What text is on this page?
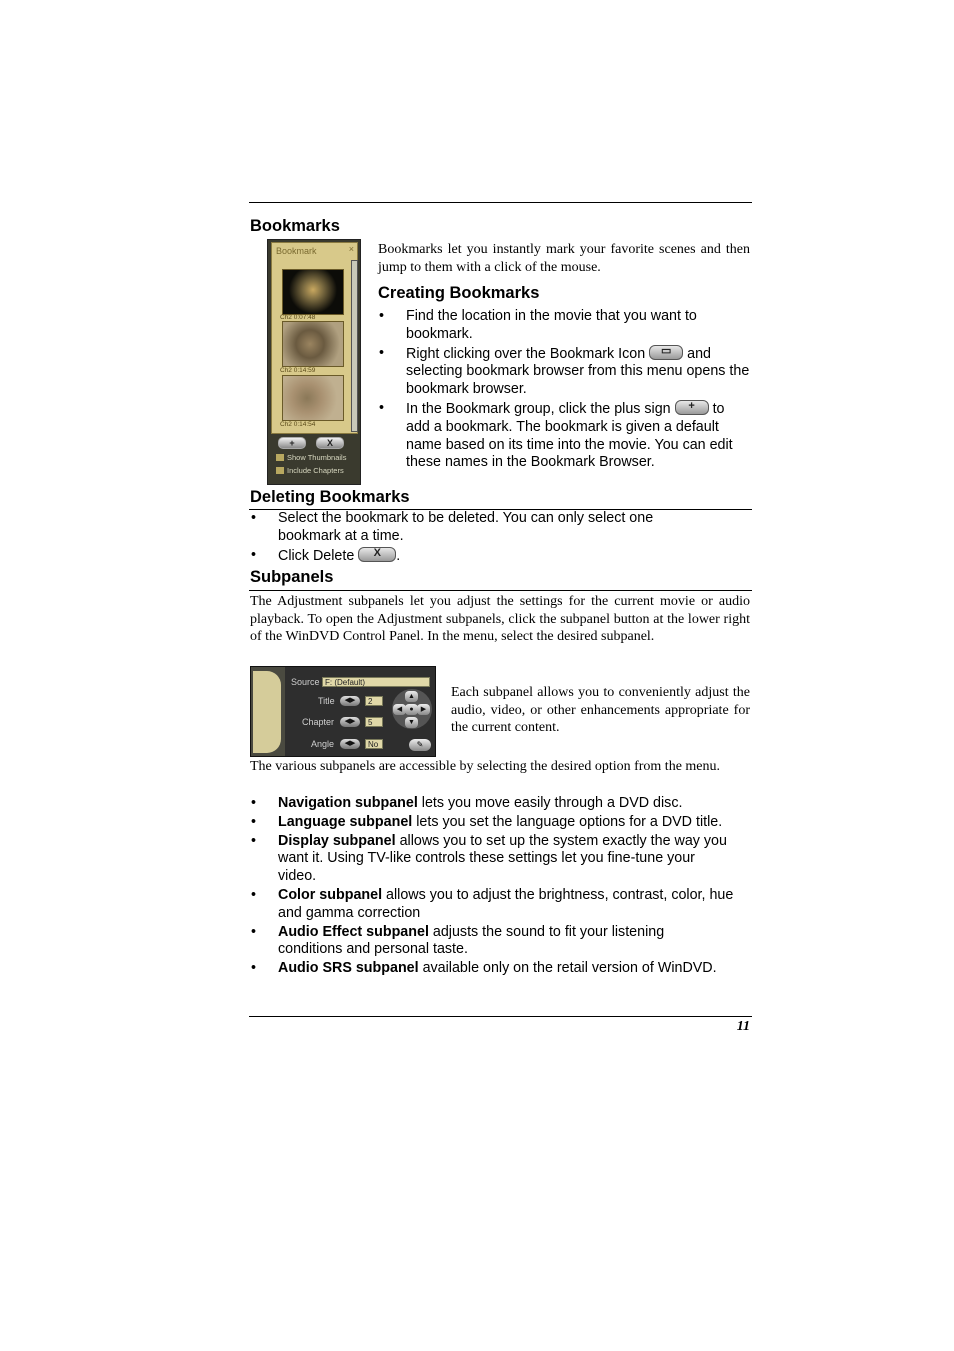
Bookmarks
Bookmark	×
Ch2 0:07:48
Ch2 0:14:59
Ch2 0:14:54
+	X
Show Thumbnails
Include Chapters

Bookmarks let you instantly mark your favorite scenes and then jump to them with a click of the mouse.

Creating Bookmarks
• Find the location in the movie that you want to bookmark.
• Right clicking over the Bookmark Icon	▭ and selecting bookmark browser from this menu opens the bookmark browser.
• In the Bookmark group, click the plus sign	+ to add a bookmark. The bookmark is given a default name based on its time into the movie. You can edit these names in the Bookmark Browser.
Deleting Bookmarks
• Select the bookmark to be deleted. You can only select one bookmark at a time.
• Click Delete	X	.
Subpanels

The Adjustment subpanels let you adjust the settings for the current movie or audio playback. To open the Adjustment subpanels, click the subpanel button at the lower right of the WinDVD Control Panel. In the menu, select the desired subpanel.

Source F: (Default)
Title	◀▶	2
Chapter	◀▶	5
Angle	◀▶	No
▲
◀	●	▶
▼
✎

Each subpanel allows you to conveniently adjust the audio, video, or other enhancements appropriate for the current content.

The various subpanels are accessible by selecting the desired option from the menu.

• Navigation subpanel lets you move easily through a DVD disc.
• Language subpanel lets you set the language options for a DVD title.
• Display subpanel allows you to set up the system exactly the way you want it. Using TV-like controls these settings let you fine-tune your video.
• Color subpanel allows you to adjust the brightness, contrast, color, hue and gamma correction
• Audio Effect subpanel adjusts the sound to fit your listening conditions and personal taste.
• Audio SRS subpanel available only on the retail version of WinDVD.
11
